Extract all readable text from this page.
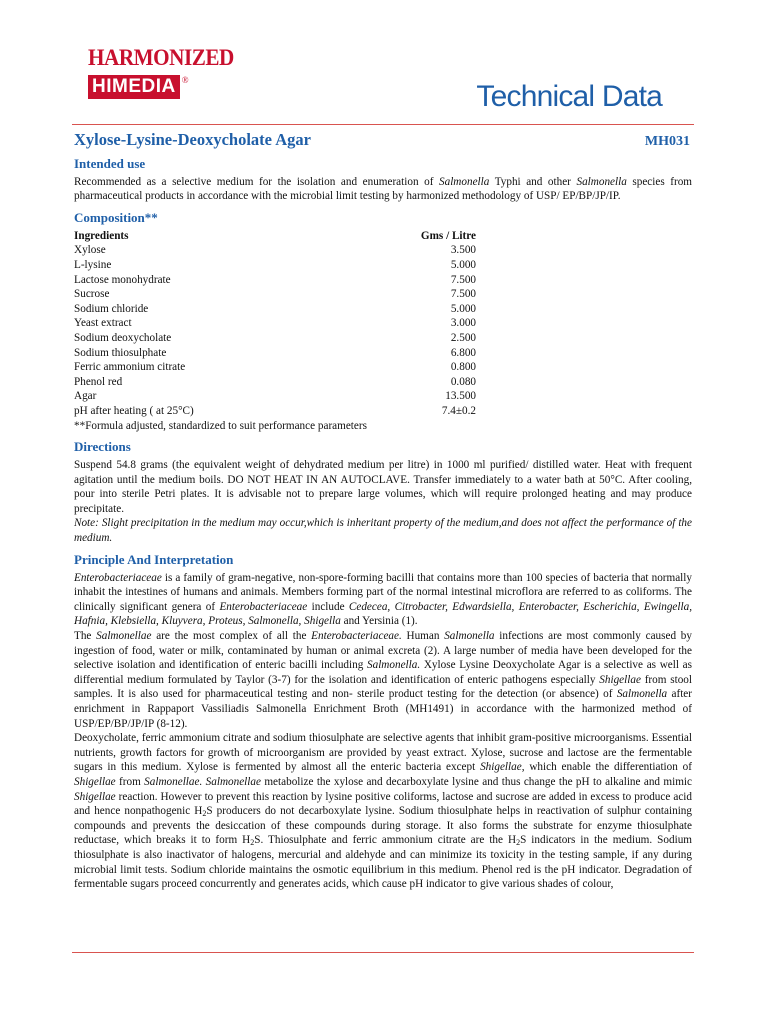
HARMONIZED
HIMEDIA ®	Technical Data
Xylose-Lysine-Deoxycholate Agar	MH031
Intended use

Recommended as a selective medium for the isolation and enumeration of Salmonella Typhi and other Salmonella species from pharmaceutical products in accordance with the microbial limit testing by harmonized methodology of USP/ EP/BP/JP/IP.

Composition**
Ingredients	Gms / Litre
Xylose	3.500
L-lysine	5.000
Lactose monohydrate	7.500
Sucrose	7.500
Sodium chloride	5.000
Yeast extract	3.000
Sodium deoxycholate	2.500
Sodium thiosulphate	6.800
Ferric ammonium citrate	0.800
Phenol red	0.080
Agar	13.500
pH after heating ( at 25°C)	7.4±0.2

**Formula adjusted, standardized to suit performance parameters

Directions

Suspend 54.8 grams (the equivalent weight of dehydrated medium per litre) in 1000 ml purified/ distilled water. Heat with frequent agitation until the medium boils. DO NOT HEAT IN AN AUTOCLAVE. Transfer immediately to a water bath at 50°C. After cooling, pour into sterile Petri plates. It is advisable not to prepare large volumes, which will require prolonged heating and may produce precipitate.

Note: Slight precipitation in the medium may occur,which is inheritant property of the medium,and does not affect the performance of the medium.

Principle And Interpretation

Enterobacteriaceae is a family of gram-negative, non-spore-forming bacilli that contains more than 100 species of bacteria that normally inhabit the intestines of humans and animals. Members forming part of the normal intestinal microflora are referred to as coliforms. The clinically significant genera of Enterobacteriaceae include Cedecea, Citrobacter, Edwardsiella, Enterobacter, Escherichia, Ewingella, Hafnia, Klebsiella, Kluyvera, Proteus, Salmonella, Shigella and Yersinia (1).

The Salmonellae are the most complex of all the Enterobacteriaceae. Human Salmonella infections are most commonly caused by ingestion of food, water or milk, contaminated by human or animal excreta (2). A large number of media have been developed for the selective isolation and identification of enteric bacilli including Salmonella. Xylose Lysine Deoxycholate Agar is a selective as well as differential medium formulated by Taylor (3-7) for the isolation and identification of enteric pathogens especially Shigellae from stool samples. It is also used for pharmaceutical testing and non- sterile product testing for the detection (or absence) of Salmonella after enrichment in Rappaport Vassiliadis Salmonella Enrichment Broth (MH1491) in accordance with the harmonized method of USP/EP/BP/JP/IP (8-12).

Deoxycholate, ferric ammonium citrate and sodium thiosulphate are selective agents that inhibit gram-positive microorganisms. Essential nutrients, growth factors for growth of microorganism are provided by yeast extract. Xylose, sucrose and lactose are the fermentable sugars in this medium. Xylose is fermented by almost all the enteric bacteria except Shigellae, which enable the differentiation of Shigellae from Salmonellae. Salmonellae metabolize the xylose and decarboxylate lysine and thus change the pH to alkaline and mimic Shigellae reaction. However to prevent this reaction by lysine positive coliforms, lactose and sucrose are added in excess to produce acid and hence nonpathogenic $H_2S$ producers do not decarboxylate lysine. Sodium thiosulphate helps in reactivation of sulphur containing compounds and prevents the desiccation of these compounds during storage. It also forms the substrate for enzyme thiosulphate reductase, which breaks it to form $H_2S$. Thiosulphate and ferric ammonium citrate are the $H_2S$ indicators in the medium. Sodium thiosulphate is also inactivator of halogens, mercurial and aldehyde and can minimize its toxicity in the testing sample, if any during microbial limit tests. Sodium chloride maintains the osmotic equilibrium in this medium. Phenol red is the pH indicator. Degradation of fermentable sugars proceed concurrently and generates acids, which cause pH indicator to give various shades of colour,
